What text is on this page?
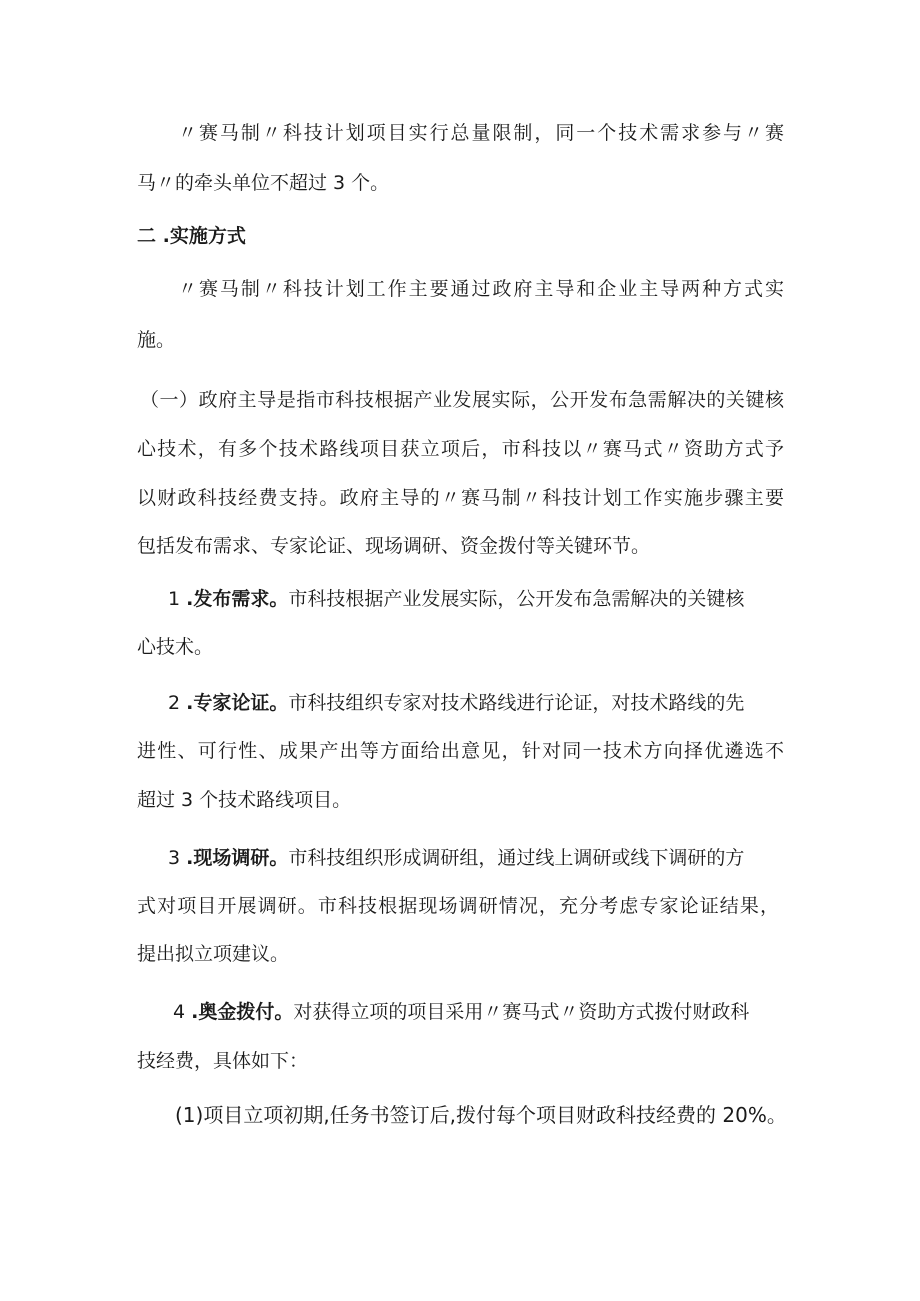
〃赛马制〃科技计划项目实行总量限制，同一个技术需求参与〃赛
马〃的牵头单位不超过 3 个。
二 .实施方式
〃赛马制〃科技计划工作主要通过政府主导和企业主导两种方式实
施。
（一）政府主导是指市科技根据产业发展实际，公开发布急需解决的关键核
心技术，有多个技术路线项目获立项后，市科技以〃赛马式〃资助方式予
以财政科技经费支持。政府主导的〃赛马制〃科技计划工作实施步骤主要
包括发布需求、专家论证、现场调研、资金拨付等关键环节。
1 .发布需求。市科技根据产业发展实际，公开发布急需解决的关键核
心技术。
2 .专家论证。市科技组织专家对技术路线进行论证，对技术路线的先
进性、可行性、成果产出等方面给出意见，针对同一技术方向择优遴选不
超过 3 个技术路线项目。
3 .现场调研。市科技组织形成调研组，通过线上调研或线下调研的方
式对项目开展调研。市科技根据现场调研情况，充分考虑专家论证结果，
提出拟立项建议。
4 .奥金拨付。对获得立项的项目采用〃赛马式〃资助方式拨付财政科
技经费，具体如下：
(1)项目立项初期,任务书签订后,拨付每个项目财政科技经费的 20%。
